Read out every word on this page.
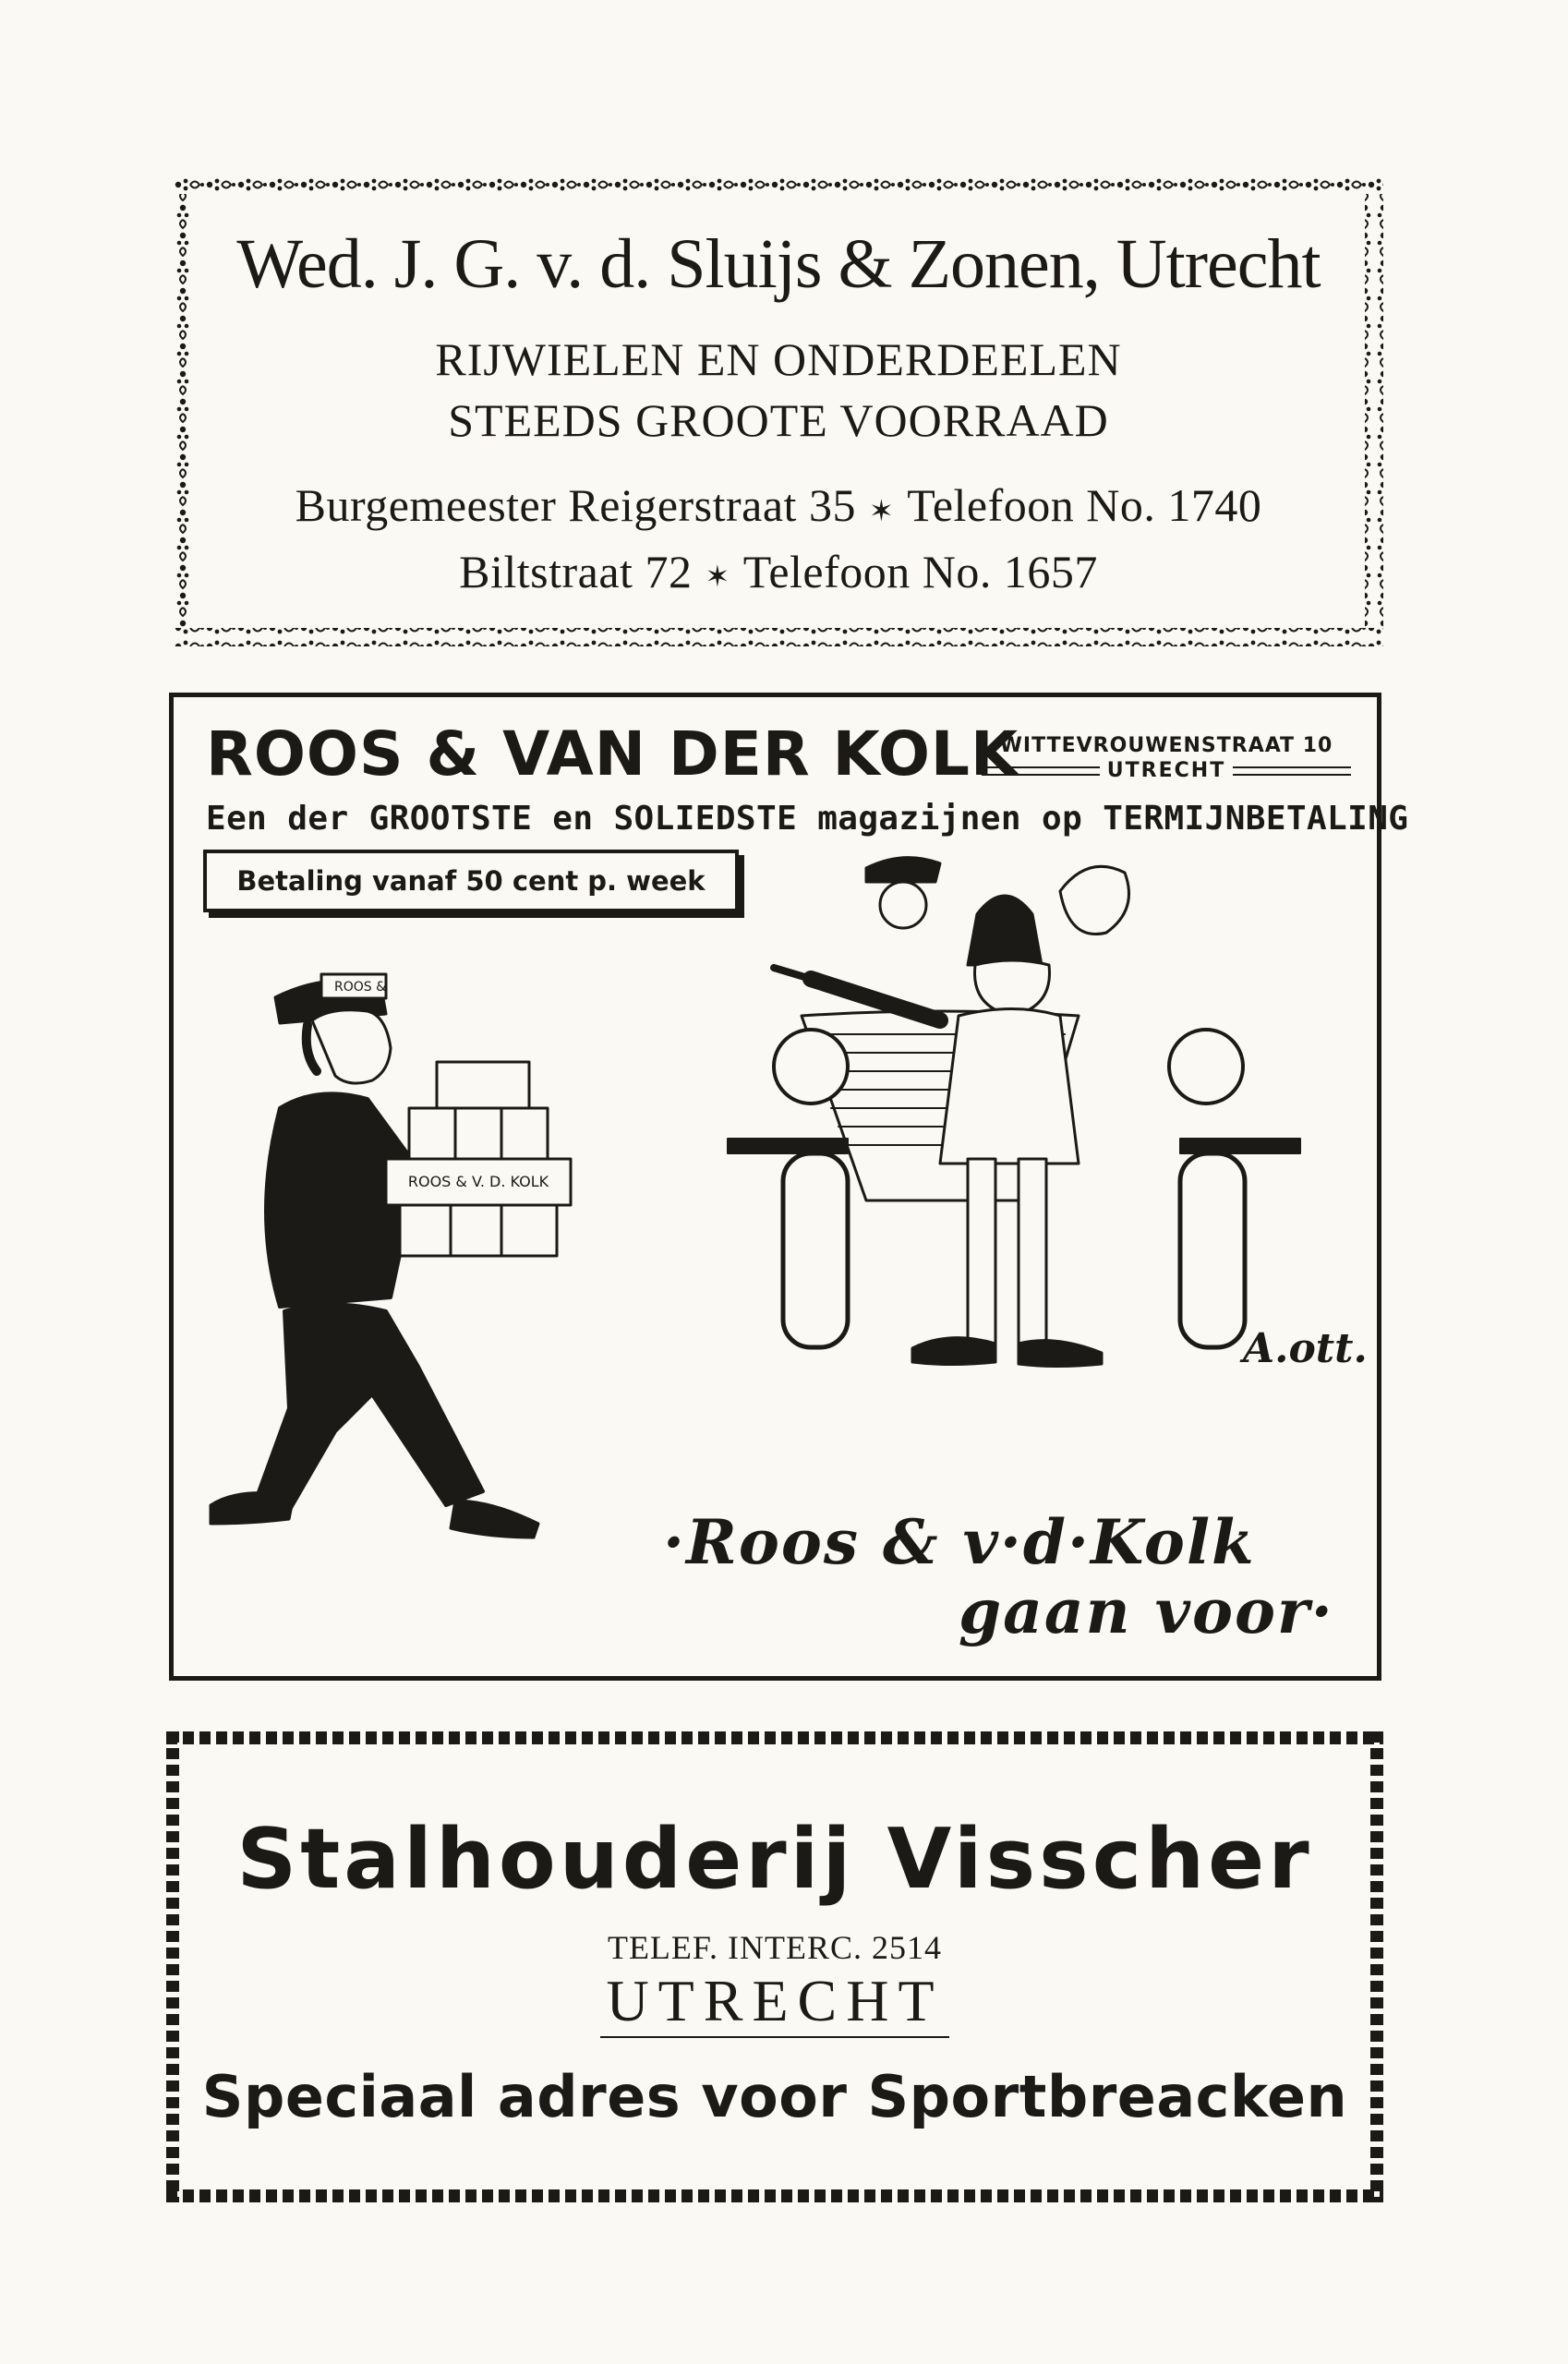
Wed. J. G. v. d. Sluijs & Zonen, Utrecht
RIJWIELEN EN ONDERDEELEN
STEEDS GROOTE VOORRAAD
Burgemeester Reigerstraat 35 ✶ Telefoon No. 1740
Biltstraat 72 ✶ Telefoon No. 1657
ROOS &
ROOS & V. D. KOLK
ROOS & VAN DER KOLK
WITTEVROUWENSTRAAT 10
UTRECHT
Een der GROOTSTE en SOLIEDSTE magazijnen op TERMIJNBETALING
Betaling vanaf 50 cent p. week
A.ott.
·Roos & v·d·Kolk
gaan voor·
Stalhouderij Visscher
TELEF. INTERC. 2514
UTRECHT
Speciaal adres voor Sportbreacken
